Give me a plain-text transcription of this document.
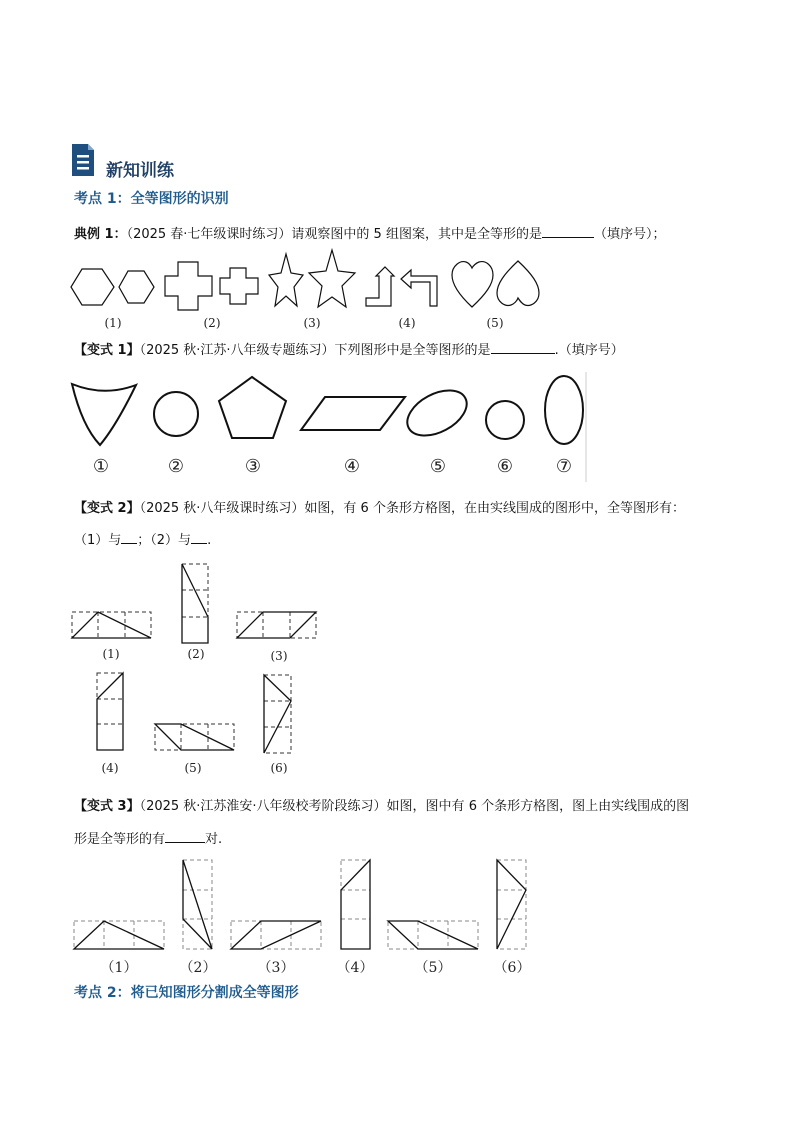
新知训练
考点 1：全等图形的识别
典例 1：（2025 春·七年级课时练习）请观察图中的 5 组图案，其中是全等形的是	（填序号）；
(1)	(2)	(3)	(4)	(5)
【变式 1】（2025 秋·江苏·八年级专题练习）下列图形中是全等图形的是	.（填序号）
①	②	③	④	⑤	⑥	⑦
【变式 2】（2025 秋·八年级课时练习）如图，有 6 个条形方格图，在由实线围成的图形中，全等图形有：
（1）与 ；（2）与 .
(1)	(2)	(3)
(4)	(5)	(6)
【变式 3】（2025 秋·江苏淮安·八年级校考阶段练习）如图，图中有 6 个条形方格图，图上由实线围成的图
形是全等形的有	对.
（1）	（2）	（3）	（4）	（5）	（6）
考点 2：将已知图形分割成全等图形
